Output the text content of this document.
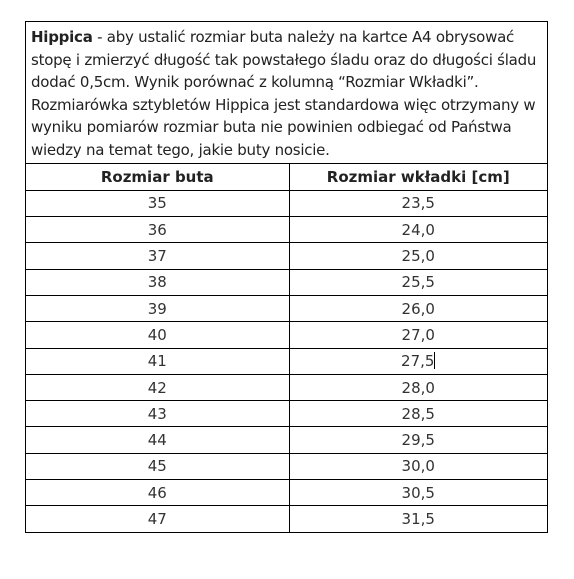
Hippica - aby ustalić rozmiar buta należy na kartce A4 obrysować stopę i zmierzyć długość tak powstałego śladu oraz do długości śladu dodać 0,5cm. Wynik porównać z kolumną “Rozmiar Wkładki”. Rozmiarówka sztybletów Hippica jest standardowa więc otrzymany w wyniku pomiarów rozmiar buta nie powinien odbiegać od Państwa wiedzy na temat tego, jakie buty nosicie.
Rozmiar buta	Rozmiar wkładki [cm]
35	23,5
36	24,0
37	25,0
38	25,5
39	26,0
40	27,0
41	27,5
42	28,0
43	28,5
44	29,5
45	30,0
46	30,5
47	31,5
